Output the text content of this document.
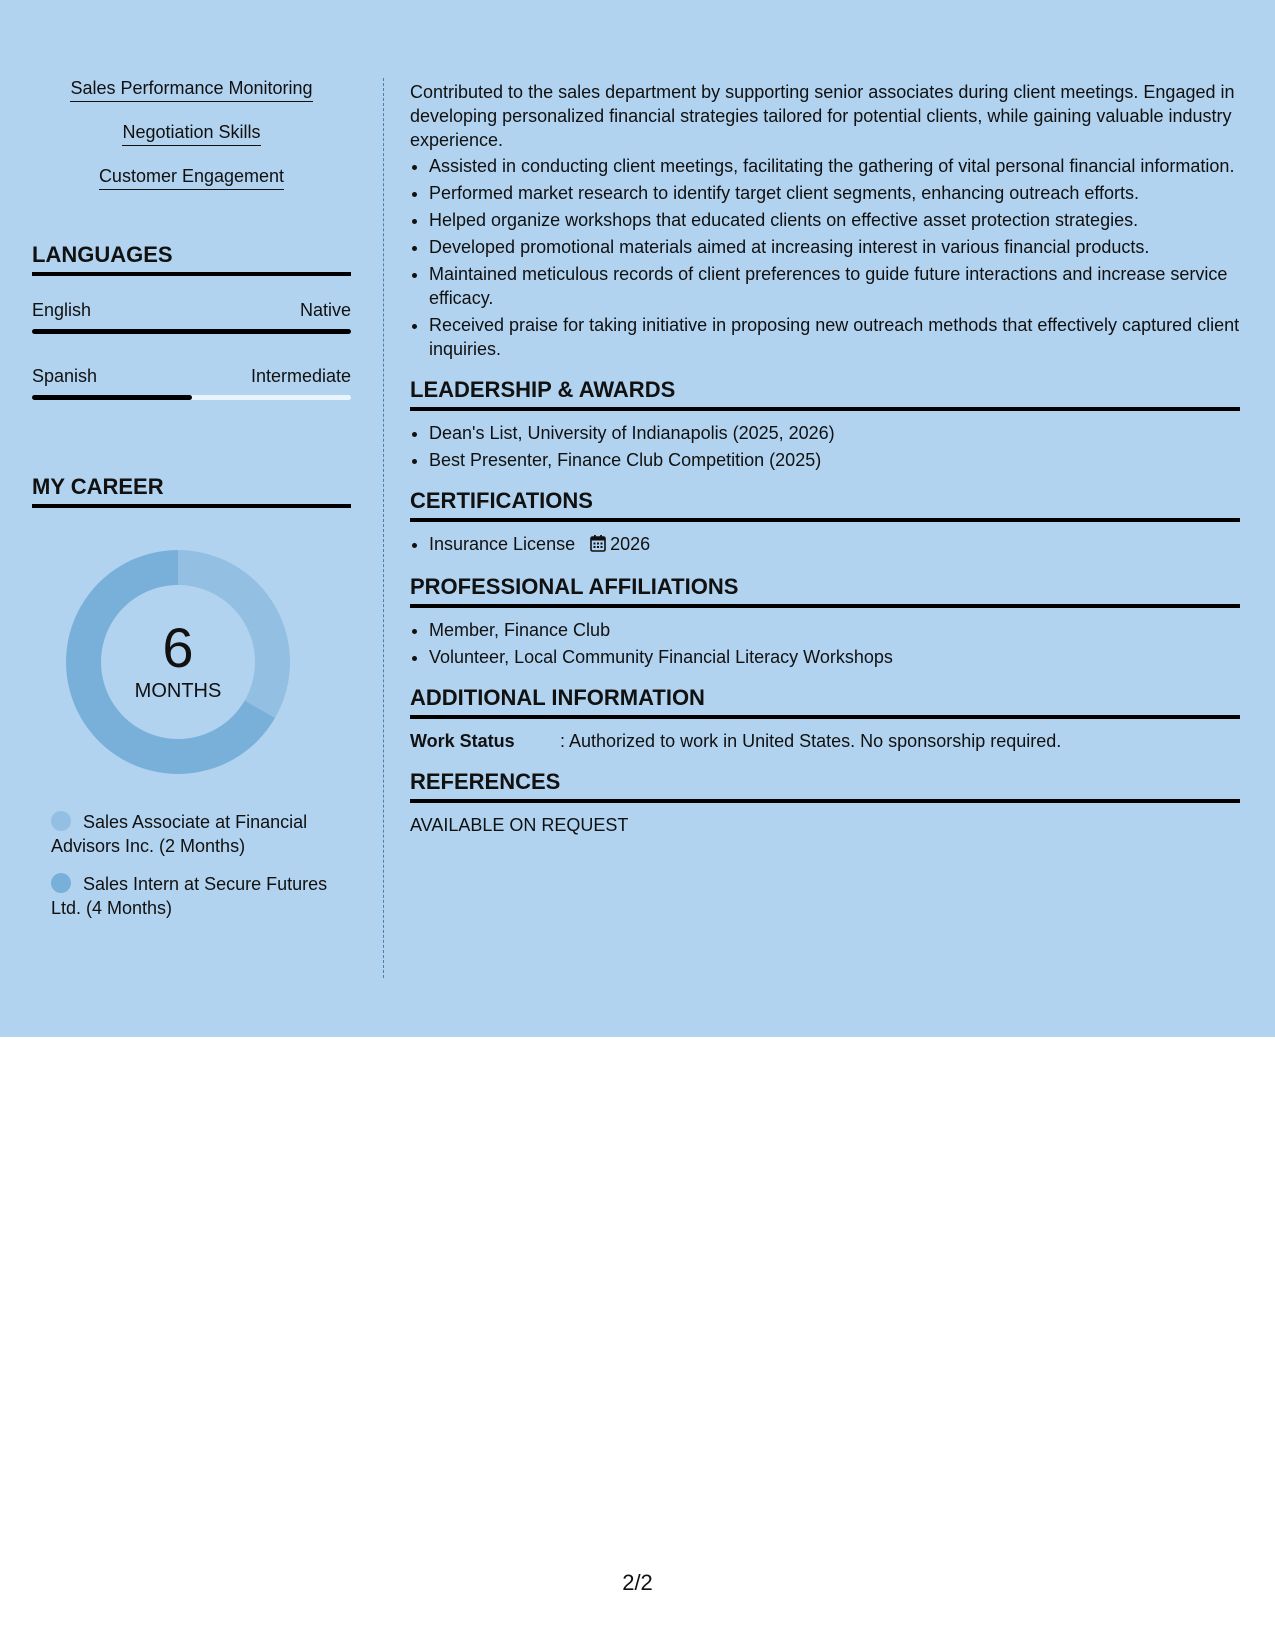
Sales Performance Monitoring
Negotiation Skills
Customer Engagement
LANGUAGES
English	Native
Spanish	Intermediate
MY CAREER
6
MONTHS
Sales Associate at Financial Advisors Inc. (2 Months)
Sales Intern at Secure Futures Ltd. (4 Months)
Contributed to the sales department by supporting senior associates during client meetings. Engaged in developing personalized financial strategies tailored for potential clients, while gaining valuable industry experience.
• Assisted in conducting client meetings, facilitating the gathering of vital personal financial information.
• Performed market research to identify target client segments, enhancing outreach efforts.
• Helped organize workshops that educated clients on effective asset protection strategies.
• Developed promotional materials aimed at increasing interest in various financial products.
• Maintained meticulous records of client preferences to guide future interactions and increase service efficacy.
• Received praise for taking initiative in proposing new outreach methods that effectively captured client inquiries.
LEADERSHIP & AWARDS
• Dean's List, University of Indianapolis (2025, 2026)
• Best Presenter, Finance Club Competition (2025)
CERTIFICATIONS
• Insurance License 2026
PROFESSIONAL AFFILIATIONS
• Member, Finance Club
• Volunteer, Local Community Financial Literacy Workshops
ADDITIONAL INFORMATION
Work Status	: Authorized to work in United States. No sponsorship required.
REFERENCES
AVAILABLE ON REQUEST
2/2
